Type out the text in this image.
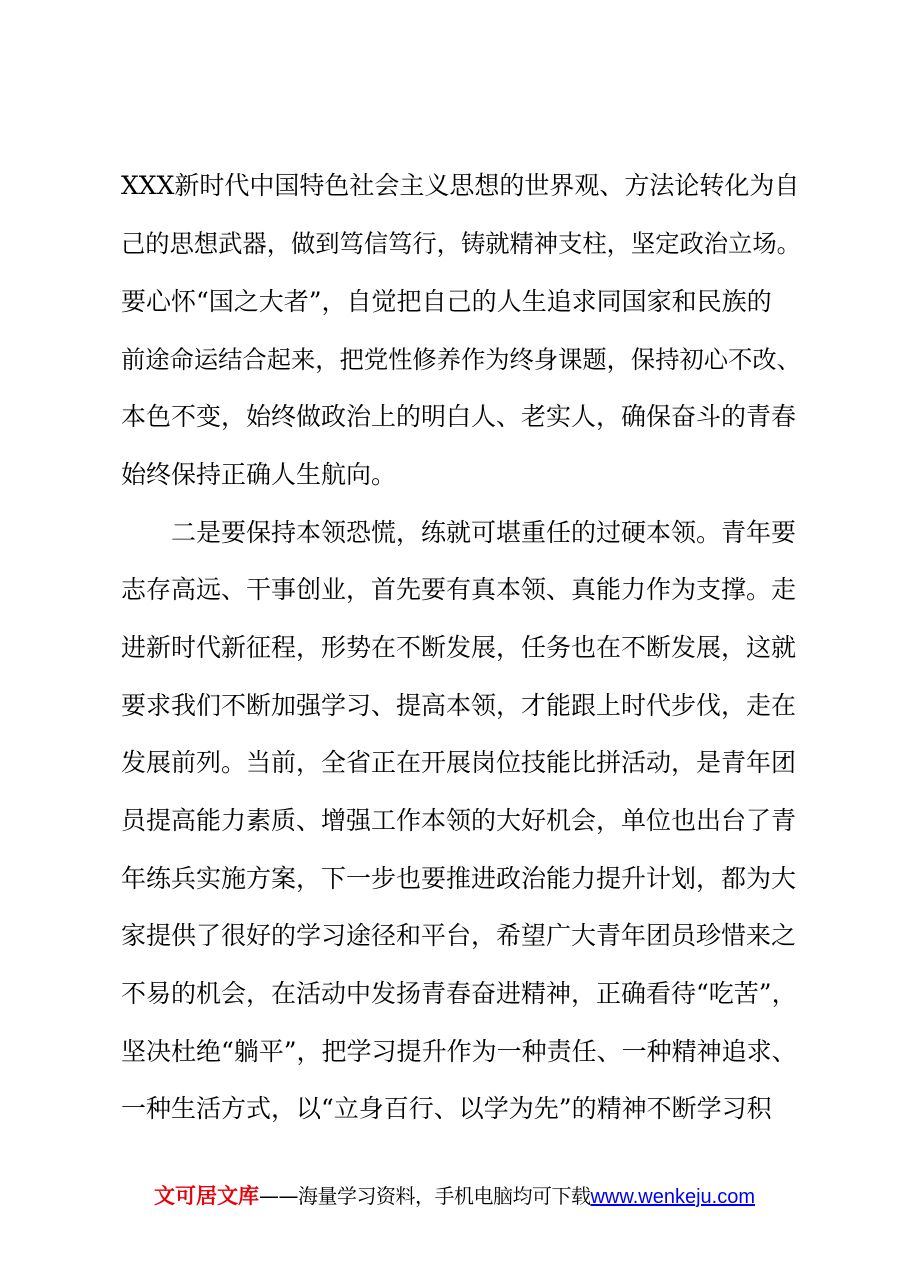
XXX新时代中国特色社会主义思想的世界观、方法论转化为自
己的思想武器，做到笃信笃行，铸就精神支柱，坚定政治立场。
要心怀“国之大者”，自觉把自己的人生追求同国家和民族的
前途命运结合起来，把党性修养作为终身课题，保持初心不改、
本色不变，始终做政治上的明白人、老实人，确保奋斗的青春
始终保持正确人生航向。
　　二是要保持本领恐慌，练就可堪重任的过硬本领。青年要
志存高远、干事创业，首先要有真本领、真能力作为支撑。走
进新时代新征程，形势在不断发展，任务也在不断发展，这就
要求我们不断加强学习、提高本领，才能跟上时代步伐，走在
发展前列。当前，全省正在开展岗位技能比拼活动，是青年团
员提高能力素质、增强工作本领的大好机会，单位也出台了青
年练兵实施方案，下一步也要推进政治能力提升计划，都为大
家提供了很好的学习途径和平台，希望广大青年团员珍惜来之
不易的机会，在活动中发扬青春奋进精神，正确看待“吃苦”，
坚决杜绝“躺平”，把学习提升作为一种责任、一种精神追求、
一种生活方式，以“立身百行、以学为先”的精神不断学习积
文可居文库——海量学习资料，手机电脑均可下载www.wenkeju.com
